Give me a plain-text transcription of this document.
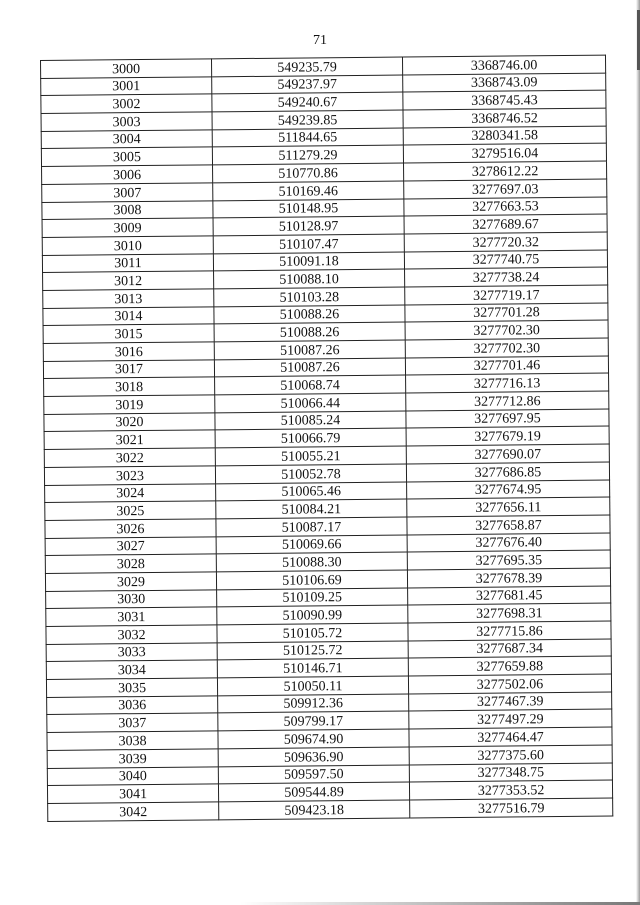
71
3000	549235.79	3368746.00
3001	549237.97	3368743.09
3002	549240.67	3368745.43
3003	549239.85	3368746.52
3004	511844.65	3280341.58
3005	511279.29	3279516.04
3006	510770.86	3278612.22
3007	510169.46	3277697.03
3008	510148.95	3277663.53
3009	510128.97	3277689.67
3010	510107.47	3277720.32
3011	510091.18	3277740.75
3012	510088.10	3277738.24
3013	510103.28	3277719.17
3014	510088.26	3277701.28
3015	510088.26	3277702.30
3016	510087.26	3277702.30
3017	510087.26	3277701.46
3018	510068.74	3277716.13
3019	510066.44	3277712.86
3020	510085.24	3277697.95
3021	510066.79	3277679.19
3022	510055.21	3277690.07
3023	510052.78	3277686.85
3024	510065.46	3277674.95
3025	510084.21	3277656.11
3026	510087.17	3277658.87
3027	510069.66	3277676.40
3028	510088.30	3277695.35
3029	510106.69	3277678.39
3030	510109.25	3277681.45
3031	510090.99	3277698.31
3032	510105.72	3277715.86
3033	510125.72	3277687.34
3034	510146.71	3277659.88
3035	510050.11	3277502.06
3036	509912.36	3277467.39
3037	509799.17	3277497.29
3038	509674.90	3277464.47
3039	509636.90	3277375.60
3040	509597.50	3277348.75
3041	509544.89	3277353.52
3042	509423.18	3277516.79
